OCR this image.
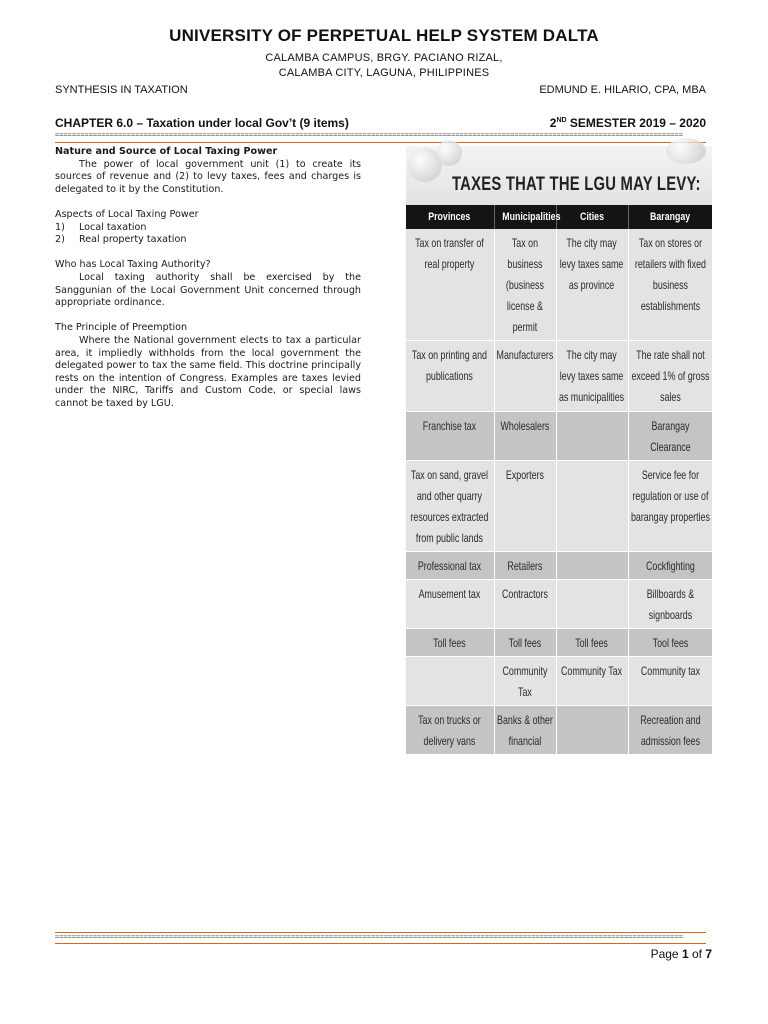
UNIVERSITY OF PERPETUAL HELP SYSTEM DALTA
CALAMBA CAMPUS, BRGY. PACIANO RIZAL,
CALAMBA CITY, LAGUNA, PHILIPPINES
SYNTHESIS IN TAXATION	EDMUND E. HILARIO, CPA, MBA
CHAPTER 6.0 – Taxation under local Gov’t (9 items)	2ND SEMESTER 2019 – 2020
=====================================================================================================================================================

Nature and Source of Local Taxing Power

The power of local government unit (1) to create its sources of revenue and (2) to levy taxes, fees and charges is delegated to it by the Constitution.

Aspects of Local Taxing Power

1)	Local taxation
2)	Real property taxation

Who has Local Taxing Authority?

Local taxing authority shall be exercised by the Sanggunian of the Local Government Unit concerned through appropriate ordinance.

The Principle of Preemption

Where the National government elects to tax a particular area, it impliedly withholds from the local government the delegated power to tax the same field. This doctrine principally rests on the intention of Congress. Examples are taxes levied under the NIRC, Tariffs and Custom Code, or special laws cannot be taxed by LGU.

TAXES THAT THE LGU MAY LEVY:
Provinces	Municipalities	Cities	Barangay
Tax on transfer of real property	Tax on business (business license & permit	The city may levy taxes same as province	Tax on stores or retailers with fixed business establishments
Tax on printing and publications	Manufacturers	The city may levy taxes same as municipalities	The rate shall not exceed 1% of gross sales
Franchise tax	Wholesalers		Barangay Clearance
Tax on sand, gravel and other quarry resources extracted from public lands	Exporters		Service fee for regulation or use of barangay properties
Professional tax	Retailers		Cockfighting
Amusement tax	Contractors		Billboards & signboards
Toll fees	Toll fees	Toll fees	Tool fees
	Community Tax	Community Tax	Community tax
Tax on trucks or delivery vans	Banks & other financial		Recreation and admission fees
=====================================================================================================================================================
Page 1 of 7
